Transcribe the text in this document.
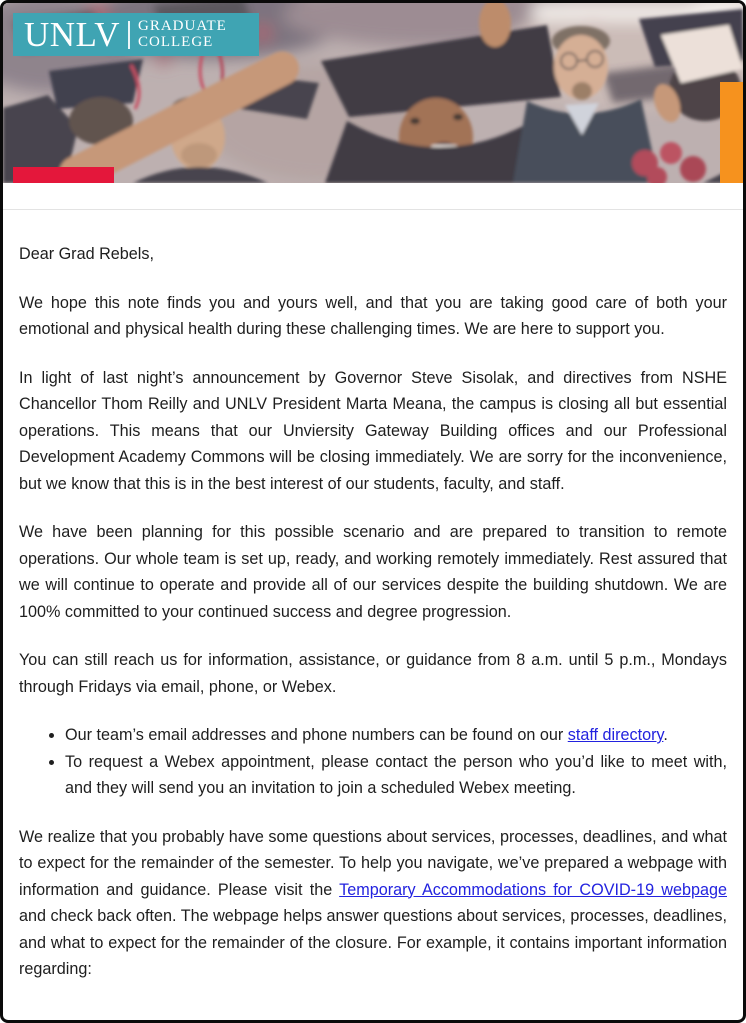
UNLV GRADUATE
COLLEGE

Dear Grad Rebels,

We hope this note finds you and yours well, and that you are taking good care of both your emotional and physical health during these challenging times. We are here to support you.

In light of last night’s announcement by Governor Steve Sisolak, and directives from NSHE Chancellor Thom Reilly and UNLV President Marta Meana, the campus is closing all but essential operations. This means that our Unviersity Gateway Building offices and our Professional Development Academy Commons will be closing immediately. We are sorry for the inconvenience, but we know that this is in the best interest of our students, faculty, and staff.

We have been planning for this possible scenario and are prepared to transition to remote operations. Our whole team is set up, ready, and working remotely immediately. Rest assured that we will continue to operate and provide all of our services despite the building shutdown. We are 100% committed to your continued success and degree progression.

You can still reach us for information, assistance, or guidance from 8 a.m. until 5 p.m., Mondays through Fridays via email, phone, or Webex.

• Our team’s email addresses and phone numbers can be found on our staff directory.
• To request a Webex appointment, please contact the person who you’d like to meet with, and they will send you an invitation to join a scheduled Webex meeting.

We realize that you probably have some questions about services, processes, deadlines, and what to expect for the remainder of the semester. To help you navigate, we’ve prepared a webpage with information and guidance. Please visit the Temporary Accommodations for COVID-19 webpage and check back often. The webpage helps answer questions about services, processes, deadlines, and what to expect for the remainder of the closure. For example, it contains important information regarding:
